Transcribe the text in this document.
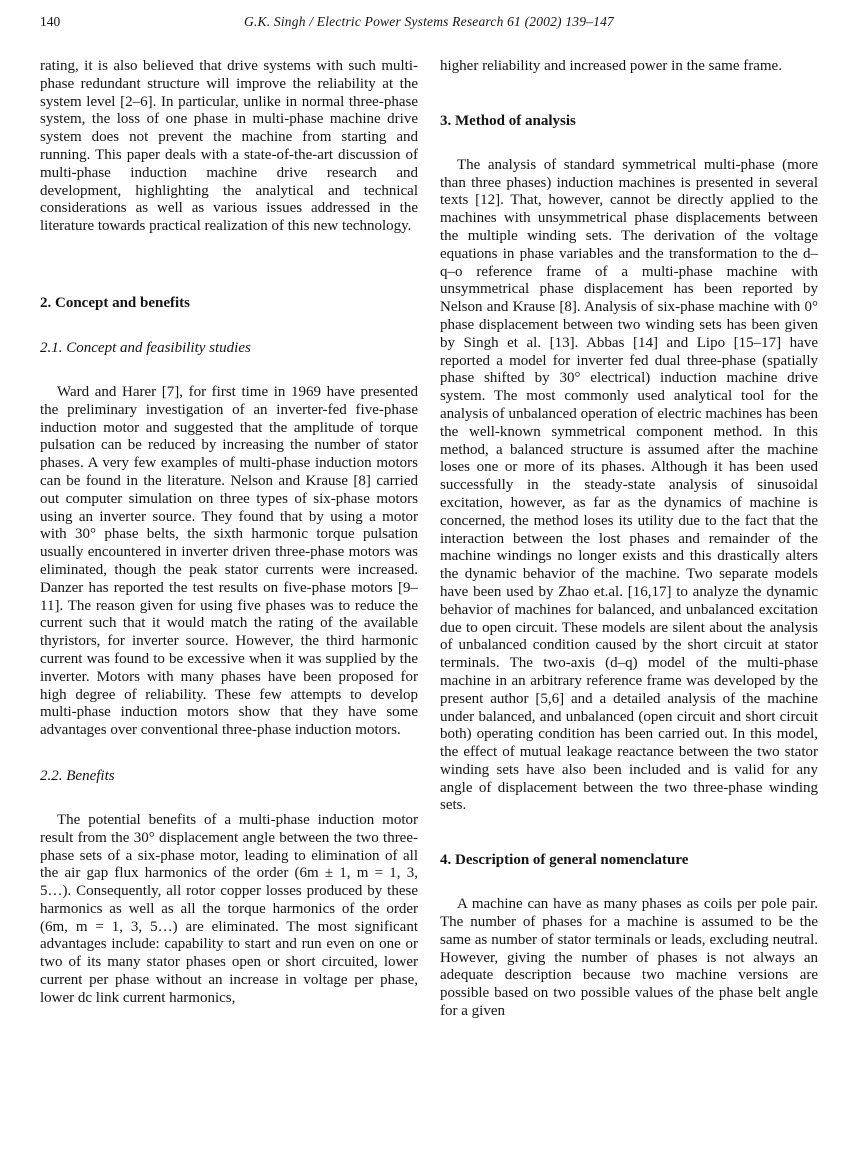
140	G.K. Singh / Electric Power Systems Research 61 (2002) 139–147

rating, it is also believed that drive systems with such multi-phase redundant structure will improve the reliability at the system level [2–6]. In particular, unlike in normal three-phase system, the loss of one phase in multi-phase machine drive system does not prevent the machine from starting and running. This paper deals with a state-of-the-art discussion of multi-phase induction machine drive research and development, highlighting the analytical and technical considerations as well as various issues addressed in the literature towards practical realization of this new technology.

2. Concept and benefits
2.1. Concept and feasibility studies

Ward and Harer [7], for first time in 1969 have presented the preliminary investigation of an inverter-fed five-phase induction motor and suggested that the amplitude of torque pulsation can be reduced by increasing the number of stator phases. A very few examples of multi-phase induction motors can be found in the literature. Nelson and Krause [8] carried out computer simulation on three types of six-phase motors using an inverter source. They found that by using a motor with 30° phase belts, the sixth harmonic torque pulsation usually encountered in inverter driven three-phase motors was eliminated, though the peak stator currents were increased. Danzer has reported the test results on five-phase motors [9–11]. The reason given for using five phases was to reduce the current such that it would match the rating of the available thyristors, for inverter source. However, the third harmonic current was found to be excessive when it was supplied by the inverter. Motors with many phases have been proposed for high degree of reliability. These few attempts to develop multi-phase induction motors show that they have some advantages over conventional three-phase induction motors.

2.2. Benefits

The potential benefits of a multi-phase induction motor result from the 30° displacement angle between the two three-phase sets of a six-phase motor, leading to elimination of all the air gap flux harmonics of the order (6m ± 1, m = 1, 3, 5…). Consequently, all rotor copper losses produced by these harmonics as well as all the torque harmonics of the order (6m, m = 1, 3, 5…) are eliminated. The most significant advantages include: capability to start and run even on one or two of its many stator phases open or short circuited, lower current per phase without an increase in voltage per phase, lower dc link current harmonics,

higher reliability and increased power in the same frame.

3. Method of analysis

The analysis of standard symmetrical multi-phase (more than three phases) induction machines is presented in several texts [12]. That, however, cannot be directly applied to the machines with unsymmetrical phase displacements between the multiple winding sets. The derivation of the voltage equations in phase variables and the transformation to the d–q–o reference frame of a multi-phase machine with unsymmetrical phase displacement has been reported by Nelson and Krause [8]. Analysis of six-phase machine with 0° phase displacement between two winding sets has been given by Singh et al. [13]. Abbas [14] and Lipo [15–17] have reported a model for inverter fed dual three-phase (spatially phase shifted by 30° electrical) induction machine drive system. The most commonly used analytical tool for the analysis of unbalanced operation of electric machines has been the well-known symmetrical component method. In this method, a balanced structure is assumed after the machine loses one or more of its phases. Although it has been used successfully in the steady-state analysis of sinusoidal excitation, however, as far as the dynamics of machine is concerned, the method loses its utility due to the fact that the interaction between the lost phases and remainder of the machine windings no longer exists and this drastically alters the dynamic behavior of the machine. Two separate models have been used by Zhao et.al. [16,17] to analyze the dynamic behavior of machines for balanced, and unbalanced excitation due to open circuit. These models are silent about the analysis of unbalanced condition caused by the short circuit at stator terminals. The two-axis (d–q) model of the multi-phase machine in an arbitrary reference frame was developed by the present author [5,6] and a detailed analysis of the machine under balanced, and unbalanced (open circuit and short circuit both) operating condition has been carried out. In this model, the effect of mutual leakage reactance between the two stator winding sets have also been included and is valid for any angle of displacement between the two three-phase winding sets.

4. Description of general nomenclature

A machine can have as many phases as coils per pole pair. The number of phases for a machine is assumed to be the same as number of stator terminals or leads, excluding neutral. However, giving the number of phases is not always an adequate description because two machine versions are possible based on two possible values of the phase belt angle for a given
